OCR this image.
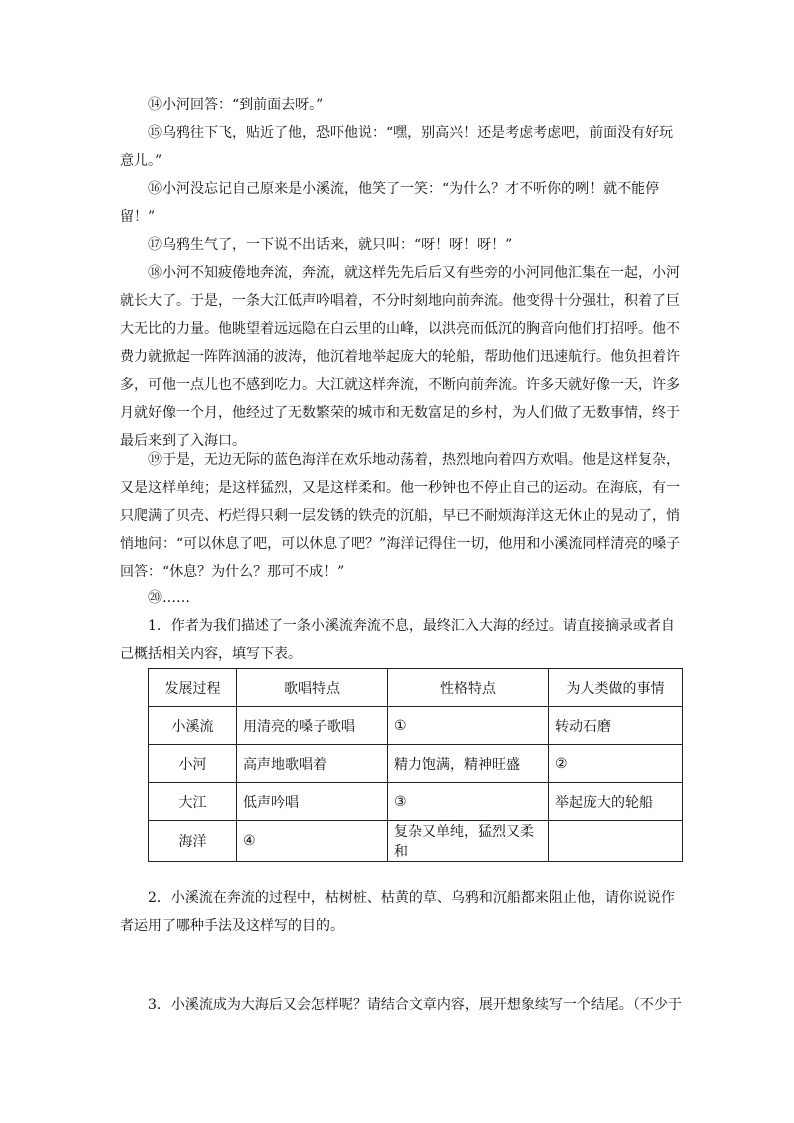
⑭小河回答：“到前面去呀。”
⑮乌鸦往下飞，贴近了他，恐吓他说：“嘿，别高兴！还是考虑考虑吧，前面没有好玩意儿。”
⑯小河没忘记自己原来是小溪流，他笑了一笑：“为什么？才不听你的咧！就不能停留！”
⑰乌鸦生气了，一下说不出话来，就只叫：“呀！呀！呀！”
⑱小河不知疲倦地奔流，奔流，就这样先先后后又有些旁的小河同他汇集在一起，小河就长大了。于是，一条大江低声吟唱着，不分时刻地向前奔流。他变得十分强壮，积着了巨大无比的力量。他眺望着远远隐在白云里的山峰，以洪亮而低沉的胸音向他们打招呼。他不费力就掀起一阵阵汹涌的波涛，他沉着地举起庞大的轮船，帮助他们迅速航行。他负担着许多，可他一点儿也不感到吃力。大江就这样奔流，不断向前奔流。许多天就好像一天，许多月就好像一个月，他经过了无数繁荣的城市和无数富足的乡村，为人们做了无数事情，终于最后来到了入海口。
⑲于是，无边无际的蓝色海洋在欢乐地动荡着，热烈地向着四方欢唱。他是这样复杂，又是这样单纯；是这样猛烈，又是这样柔和。他一秒钟也不停止自己的运动。在海底，有一只爬满了贝壳、朽烂得只剩一层发锈的铁壳的沉船，早已不耐烦海洋这无休止的晃动了，悄悄地问：“可以休息了吧，可以休息了吧？”海洋记得住一切，他用和小溪流同样清亮的嗓子回答：“休息？为什么？那可不成！”
⑳……
1．作者为我们描述了一条小溪流奔流不息，最终汇入大海的经过。请直接摘录或者自己概括相关内容，填写下表。
发展过程	歌唱特点	性格特点	为人类做的事情
小溪流	用清亮的嗓子歌唱	①	转动石磨
小河	高声地歌唱着	精力饱满，精神旺盛	②
大江	低声吟唱	③	举起庞大的轮船
海洋	④	复杂又单纯，猛烈又柔和	
2．小溪流在奔流的过程中，枯树桩、枯黄的草、乌鸦和沉船都来阻止他，请你说说作者运用了哪种手法及这样写的目的。
3．小溪流成为大海后又会怎样呢？请结合文章内容，展开想象续写一个结尾。（不少于
